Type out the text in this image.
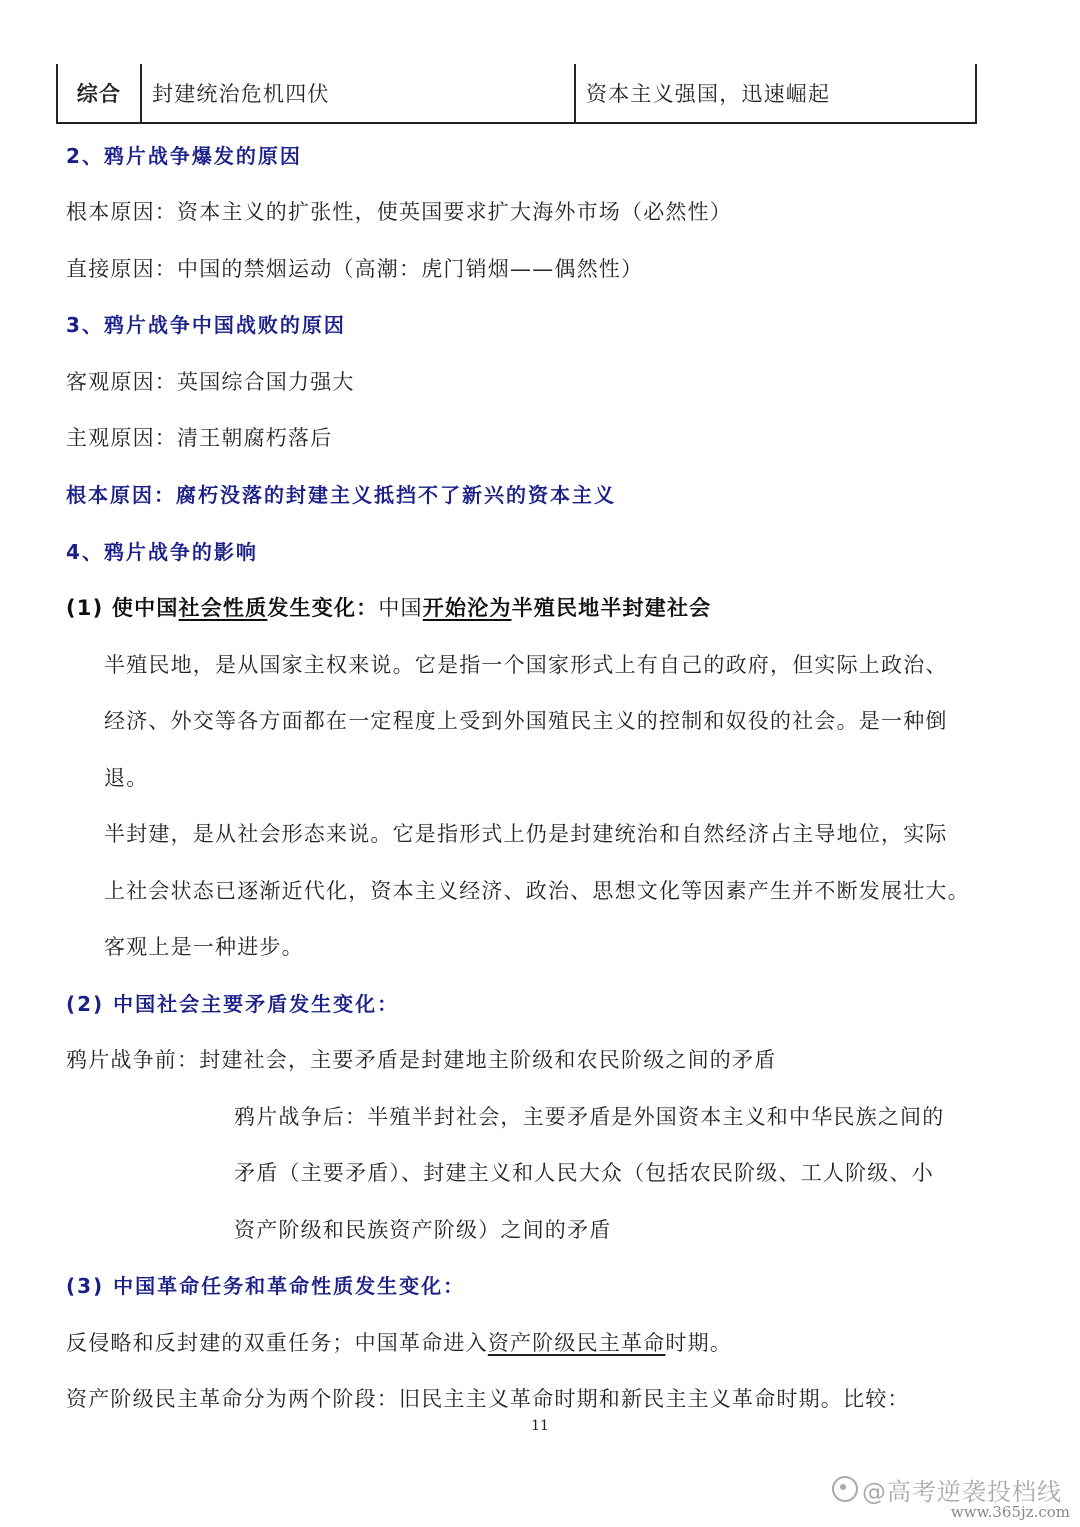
综合	封建统治危机四伏	资本主义强国，迅速崛起
2、鸦片战争爆发的原因
根本原因：资本主义的扩张性，使英国要求扩大海外市场（必然性）
直接原因：中国的禁烟运动（高潮：虎门销烟——偶然性）
3、鸦片战争中国战败的原因
客观原因：英国综合国力强大
主观原因：清王朝腐朽落后
根本原因：腐朽没落的封建主义抵挡不了新兴的资本主义
4、鸦片战争的影响
(1) 使中国社会性质发生变化：中国开始沦为半殖民地半封建社会
半殖民地，是从国家主权来说。它是指一个国家形式上有自己的政府，但实际上政治、
经济、外交等各方面都在一定程度上受到外国殖民主义的控制和奴役的社会。是一种倒
退。
半封建，是从社会形态来说。它是指形式上仍是封建统治和自然经济占主导地位，实际
上社会状态已逐渐近代化，资本主义经济、政治、思想文化等因素产生并不断发展壮大。
客观上是一种进步。
(2) 中国社会主要矛盾发生变化：
鸦片战争前：封建社会，主要矛盾是封建地主阶级和农民阶级之间的矛盾
鸦片战争后：半殖半封社会，主要矛盾是外国资本主义和中华民族之间的
矛盾（主要矛盾）、封建主义和人民大众（包括农民阶级、工人阶级、小
资产阶级和民族资产阶级）之间的矛盾
(3) 中国革命任务和革命性质发生变化：
反侵略和反封建的双重任务；中国革命进入资产阶级民主革命时期。
资产阶级民主革命分为两个阶段：旧民主主义革命时期和新民主主义革命时期。比较：
11
@高考逆袭投档线
www.365jz.com
